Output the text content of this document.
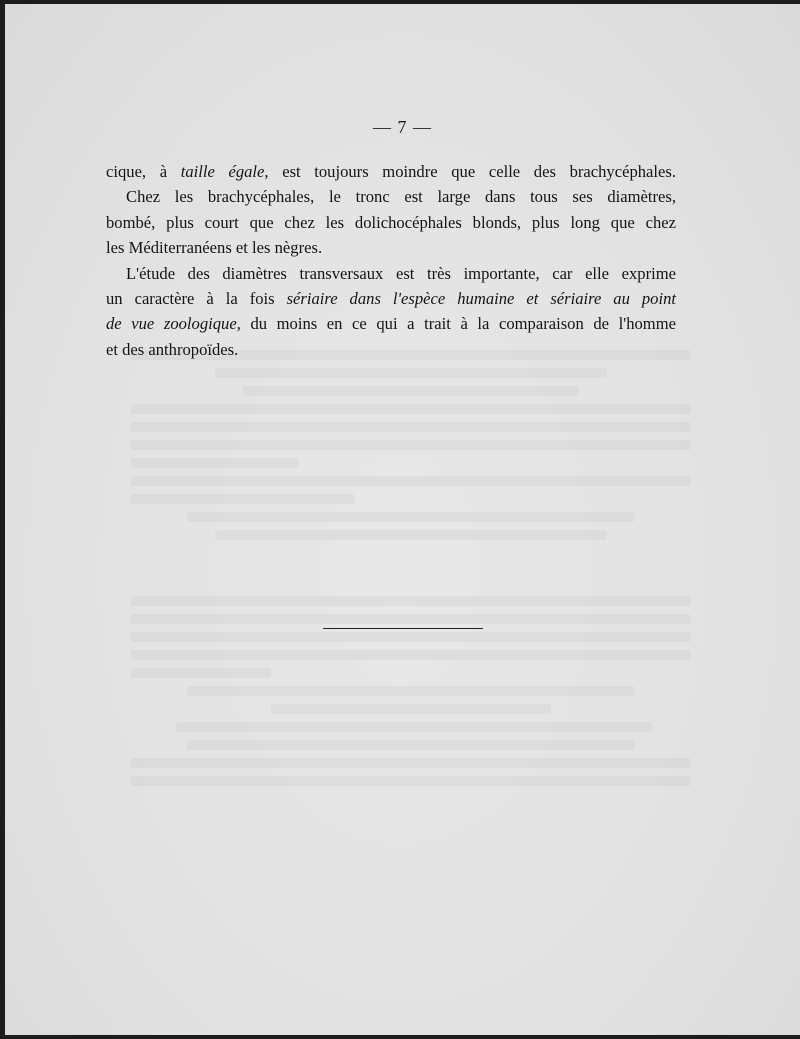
— 7 —

cique, à taille égale, est toujours moindre que celle des brachycéphales.

Chez les brachycéphales, le tronc est large dans tous ses diamètres,

bombé, plus court que chez les dolichocéphales blonds, plus long que chez

les Méditerranéens et les nègres.

L'étude des diamètres transversaux est très importante, car elle exprime

un caractère à la fois sériaire dans l'espèce humaine et sériaire au point

de vue zoologique, du moins en ce qui a trait à la comparaison de l'homme

et des anthropoïdes.
